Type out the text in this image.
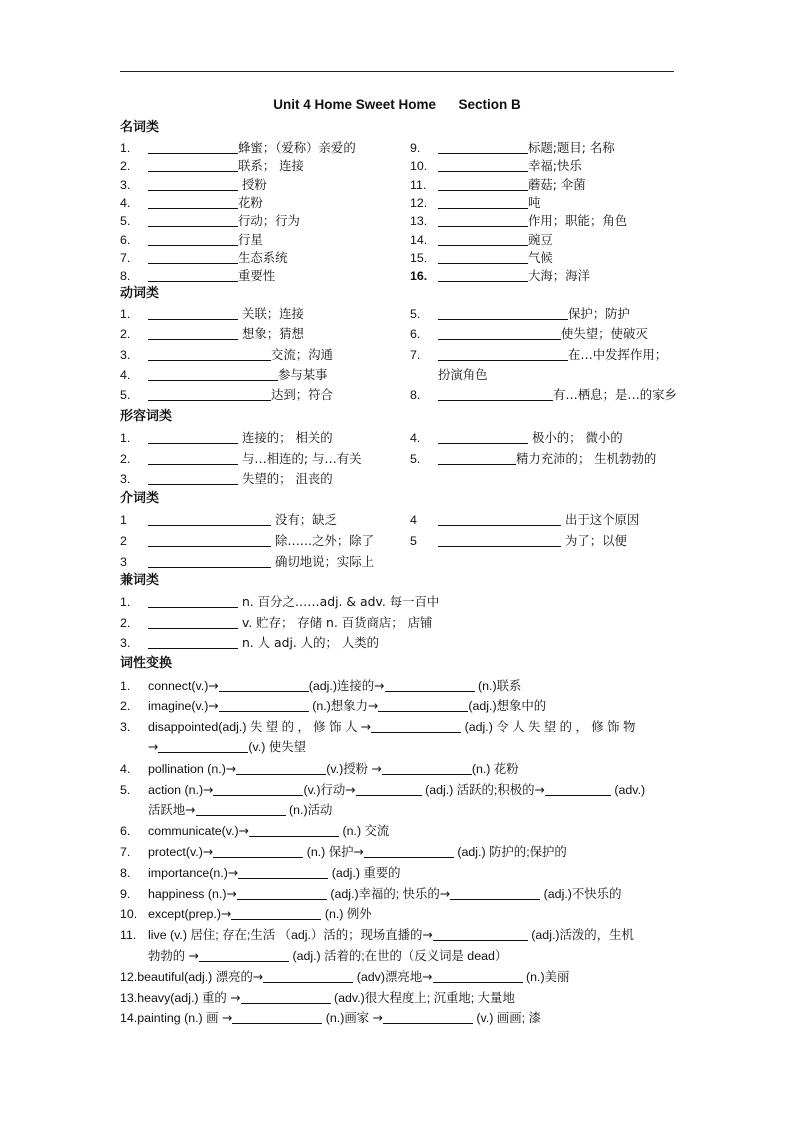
Unit 4 Home Sweet Home      Section B
名词类
1.	蜂蜜；（爱称）亲爱的	9.	标题;题目; 名称
2.	联系； 连接	10.	幸福;快乐
3.	授粉	11.	蘑菇; 伞菌
4.	花粉	12.	吨
5.	行动；行为	13.	作用；职能；角色
6.	行星	14.	豌豆
7.	生态系统	15.	气候
8.	重要性	16.	大海；海洋
动词类
1.	关联；连接	5.	保护；防护
2.	想象；猜想	6.	使失望；使破灭
3.	交流；沟通	7.	在…中发挥作用；
4.	参与某事	扮演角色
5.	达到；符合	8.	有…栖息；是…的家乡
形容词类
1.	连接的； 相关的	4.	极小的； 微小的
2.	与…相连的; 与…有关	5.	精力充沛的； 生机勃勃的
3.	失望的； 沮丧的
介词类
1	没有；缺乏	4	出于这个原因
2	除……之外；除了	5	为了；以便
3	确切地说；实际上
兼词类
1.	n. 百分之……adj. & adv. 每一百中
2.	v. 贮存； 存储 n. 百货商店； 店铺
3.	n. 人 adj. 人的； 人类的
词性变换
1. connect(v.)→	(adj.)连接的→	(n.)联系
2. imagine(v.)→	(n.)想象力→	(adj.)想象中的
3. disappointed(adj.) 失 望 的 ， 修 饰 人 →	(adj.) 令 人 失 望 的 ， 修 饰 物
→	(v.) 使失望
4. pollination (n.)→	(v.)授粉 →	(n.) 花粉
5. action (n.)→	(v.)行动→	(adj.) 活跃的;积极的→	(adv.)
活跃地→	(n.)活动
6. communicate(v.)→	(n.) 交流
7. protect(v.)→	(n.) 保护→	(adj.) 防护的;保护的
8. importance(n.)→	(adj.) 重要的
9. happiness (n.)→	(adj.)幸福的; 快乐的→	(adj.)不快乐的
10. except(prep.)→	(n.) 例外
11. live (v.) 居住; 存在;生活 （adj.）活的；现场直播的→	(adj.)活泼的，生机
勃勃的 →	(adj.) 活着的;在世的（反义词是 dead）
12.beautiful(adj.) 漂亮的→	(adv)漂亮地→	(n.)美丽
13.heavy(adj.) 重的 →	(adv.)很大程度上; 沉重地; 大量地
14.painting (n.) 画 →	(n.)画家 →	(v.) 画画; 漆
